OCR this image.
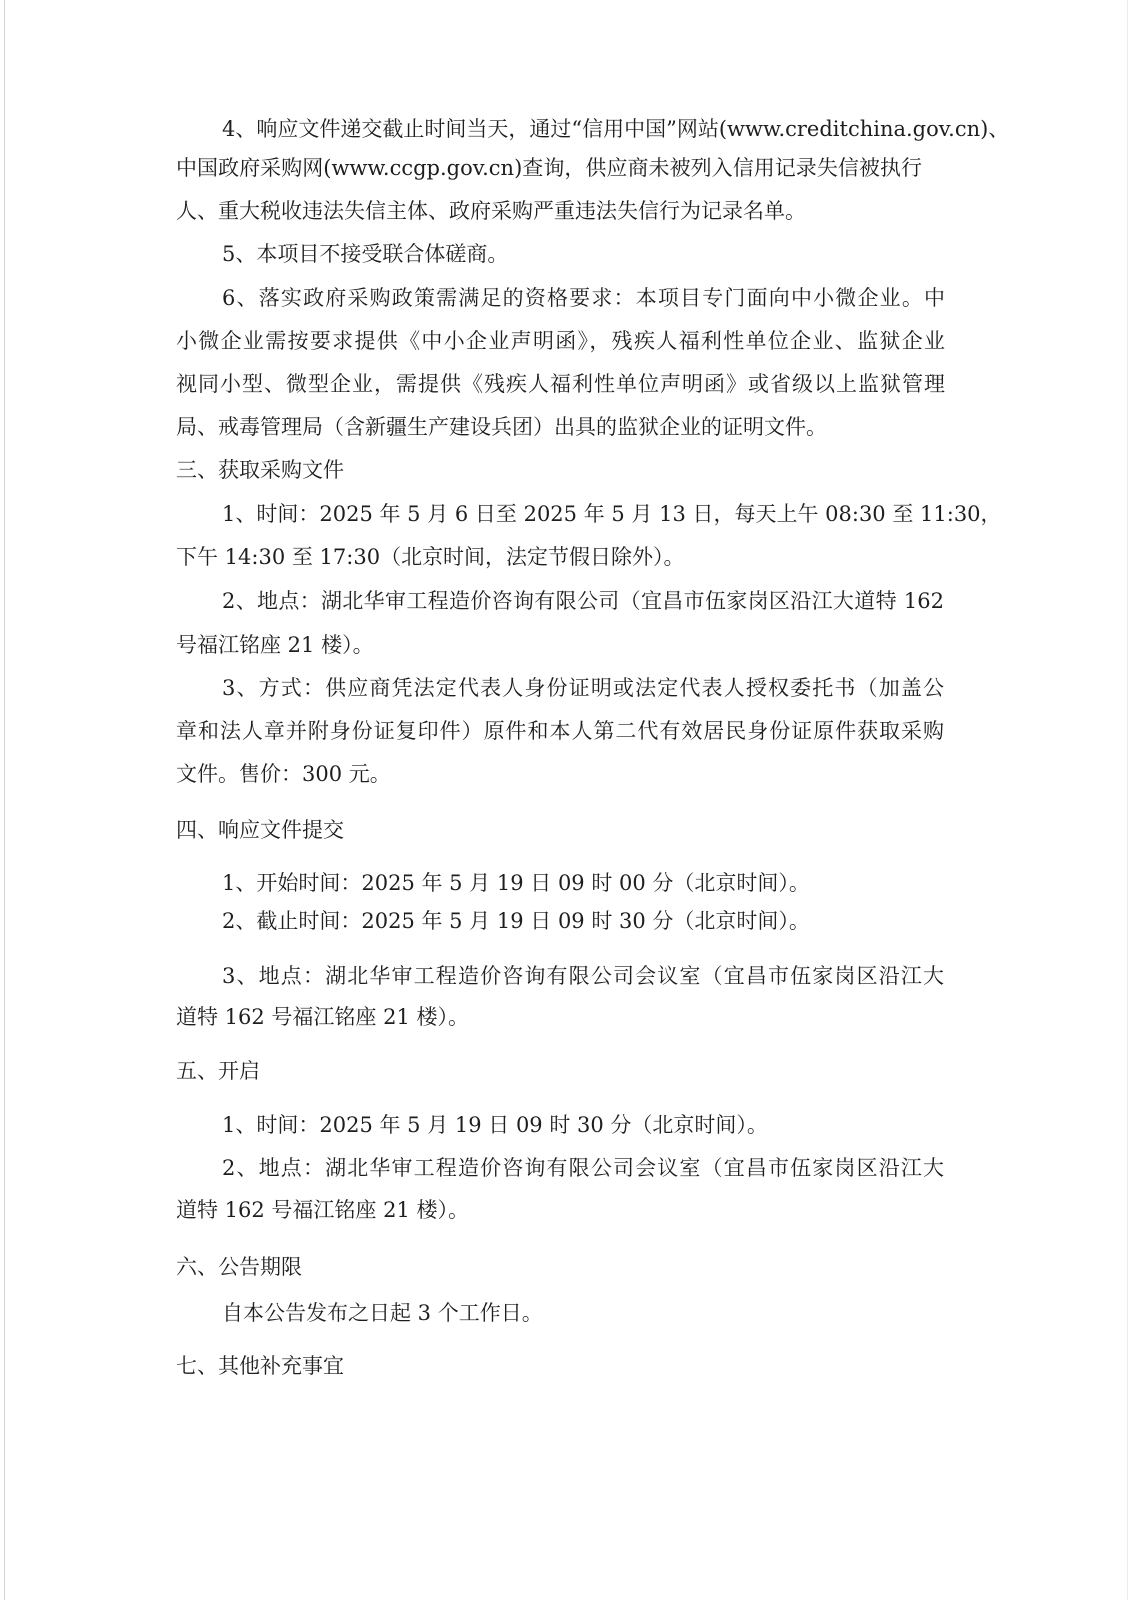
4、响应文件递交截止时间当天，通过“信用中国”网站(www.creditchina.gov.cn)、

中国政府采购网(www.ccgp.gov.cn)查询，供应商未被列入信用记录失信被执行

人、重大税收违法失信主体、政府采购严重违法失信行为记录名单。

5、本项目不接受联合体磋商。

6、落实政府采购政策需满足的资格要求：本项目专门面向中小微企业。中

小微企业需按要求提供《中小企业声明函》，残疾人福利性单位企业、监狱企业

视同小型、微型企业，需提供《残疾人福利性单位声明函》或省级以上监狱管理

局、戒毒管理局（含新疆生产建设兵团）出具的监狱企业的证明文件。

三、获取采购文件

1、时间：2025 年 5 月 6 日至 2025 年 5 月 13 日，每天上午 08:30 至 11:30，

下午 14:30 至 17:30（北京时间，法定节假日除外）。

2、地点：湖北华审工程造价咨询有限公司（宜昌市伍家岗区沿江大道特 162

号福江铭座 21 楼）。

3、方式：供应商凭法定代表人身份证明或法定代表人授权委托书（加盖公

章和法人章并附身份证复印件）原件和本人第二代有效居民身份证原件获取采购

文件。售价：300 元。

四、响应文件提交

1、开始时间：2025 年 5 月 19 日 09 时 00 分（北京时间）。

2、截止时间：2025 年 5 月 19 日 09 时 30 分（北京时间）。

3、地点：湖北华审工程造价咨询有限公司会议室（宜昌市伍家岗区沿江大

道特 162 号福江铭座 21 楼）。

五、开启

1、时间：2025 年 5 月 19 日 09 时 30 分（北京时间）。

2、地点：湖北华审工程造价咨询有限公司会议室（宜昌市伍家岗区沿江大

道特 162 号福江铭座 21 楼）。

六、公告期限

自本公告发布之日起 3 个工作日。

七、其他补充事宜
